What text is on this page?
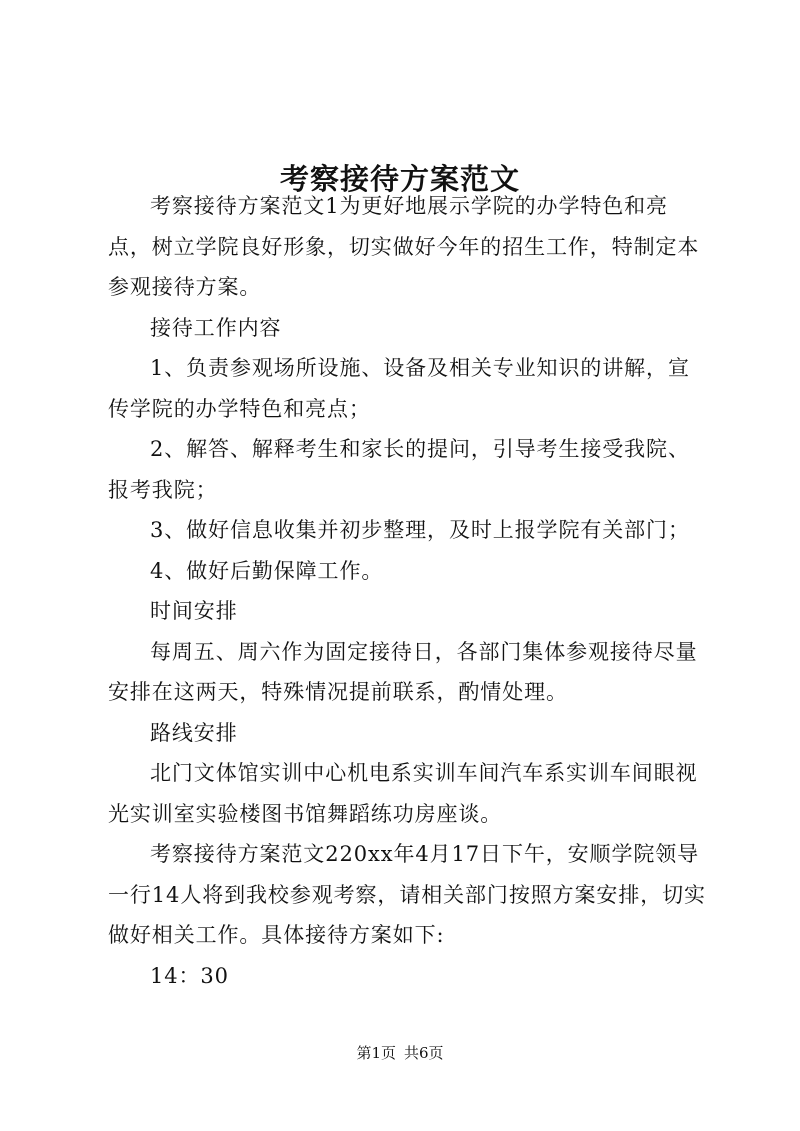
考察接待方案范文

考察接待方案范文1为更好地展示学院的办学特色和亮点，树立学院良好形象，切实做好今年的招生工作，特制定本参观接待方案。

接待工作内容

1、负责参观场所设施、设备及相关专业知识的讲解，宣传学院的办学特色和亮点；

2、解答、解释考生和家长的提问，引导考生接受我院、报考我院；

3、做好信息收集并初步整理，及时上报学院有关部门；

4、做好后勤保障工作。

时间安排

每周五、周六作为固定接待日，各部门集体参观接待尽量安排在这两天，特殊情况提前联系，酌情处理。

路线安排

北门文体馆实训中心机电系实训车间汽车系实训车间眼视光实训室实验楼图书馆舞蹈练功房座谈。

考察接待方案范文220xx年4月17日下午，安顺学院领导一行14人将到我校参观考察，请相关部门按照方案安排，切实做好相关工作。具体接待方案如下:

14：30

第1页 共6页
